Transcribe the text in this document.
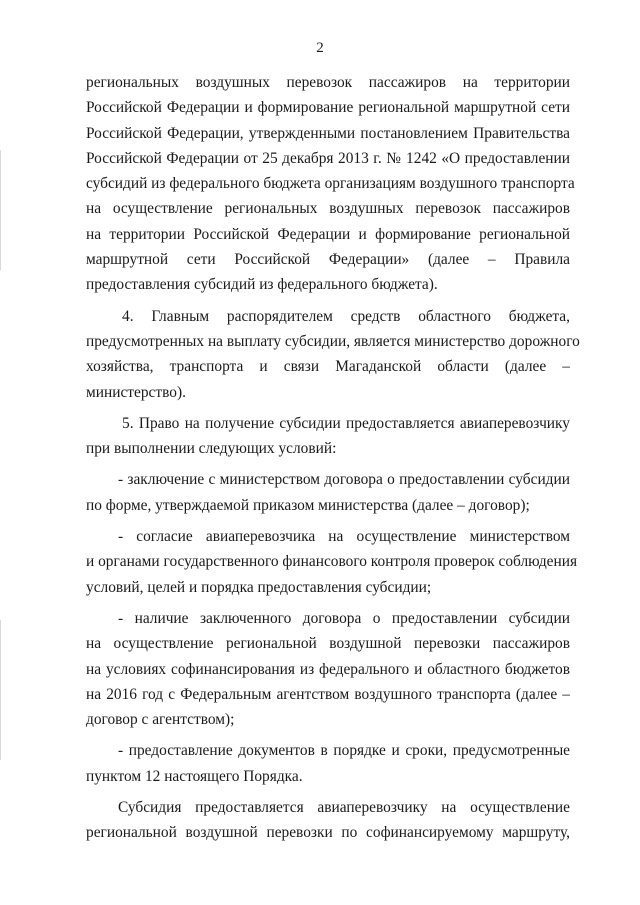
2
региональных воздушных перевозок пассажиров на территории
Российской Федерации и формирование региональной маршрутной сети
Российской Федерации, утвержденными постановлением Правительства
Российской Федерации от 25 декабря 2013 г. № 1242 «О предоставлении
субсидий из федерального бюджета организациям воздушного транспорта
на осуществление региональных воздушных перевозок пассажиров
на территории Российской Федерации и формирование региональной
маршрутной сети Российской Федерации» (далее – Правила
предоставления субсидий из федерального бюджета).
4. Главным распорядителем средств областного бюджета,
предусмотренных на выплату субсидии, является министерство дорожного
хозяйства, транспорта и связи Магаданской области (далее –
министерство).
5. Право на получение субсидии предоставляется авиаперевозчику
при выполнении следующих условий:
- заключение с министерством договора о предоставлении субсидии
по форме, утверждаемой приказом министерства (далее – договор);
- согласие авиаперевозчика на осуществление министерством
и органами государственного финансового контроля проверок соблюдения
условий, целей и порядка предоставления субсидии;
- наличие заключенного договора о предоставлении субсидии
на осуществление региональной воздушной перевозки пассажиров
на условиях софинансирования из федерального и областного бюджетов
на 2016 год с Федеральным агентством воздушного транспорта (далее –
договор с агентством);
- предоставление документов в порядке и сроки, предусмотренные
пунктом 12 настоящего Порядка.
Субсидия предоставляется авиаперевозчику на осуществление
региональной воздушной перевозки по софинансируемому маршруту,
